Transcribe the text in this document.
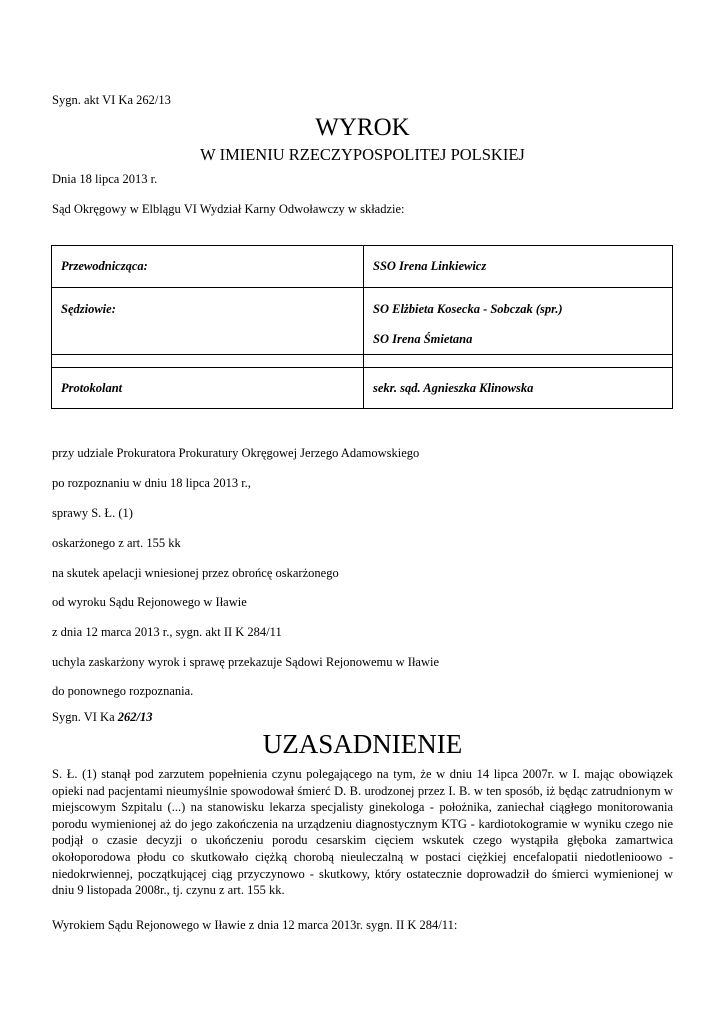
Sygn. akt VI Ka 262/13
WYROK
W IMIENIU RZECZYPOSPOLITEJ POLSKIEJ
Dnia 18 lipca 2013 r.
Sąd Okręgowy w Elblągu VI Wydział Karny Odwoławczy w składzie:
Przewodnicząca:	SSO Irena Linkiewicz

Sędziowie:	SO Elżbieta Kosecka - Sobczak (spr.)
SO Irena Śmietana

Protokolant	sekr. sąd. Agnieszka Klinowska
przy udziale Prokuratora Prokuratury Okręgowej Jerzego Adamowskiego
po rozpoznaniu w dniu 18 lipca 2013 r.,
sprawy S. Ł. (1)
oskarżonego z art. 155 kk
na skutek apelacji wniesionej przez obrońcę oskarżonego
od wyroku Sądu Rejonowego w Iławie
z dnia 12 marca 2013 r., sygn. akt II K 284/11
uchyla zaskarżony wyrok i sprawę przekazuje Sądowi Rejonowemu w Iławie
do ponownego rozpoznania.
Sygn. VI Ka 262/13
UZASADNIENIE
S. Ł. (1) stanął pod zarzutem popełnienia czynu polegającego na tym, że w dniu 14 lipca 2007r. w I. mając obowiązek opieki nad pacjentami nieumyślnie spowodował śmierć D. B. urodzonej przez I. B. w ten sposób, iż będąc zatrudnionym w miejscowym Szpitalu (...) na stanowisku lekarza specjalisty ginekologa - położnika, zaniechał ciągłego monitorowania porodu wymienionej aż do jego zakończenia na urządzeniu diagnostycznym KTG - kardiotokogramie w wyniku czego nie podjął o czasie decyzji o ukończeniu porodu cesarskim cięciem wskutek czego wystąpiła głęboka zamartwica okołoporodowa płodu co skutkowało ciężką chorobą nieuleczalną w postaci ciężkiej encefalopatii niedotlenioowo - niedokrwiennej, początkującej ciąg przyczynowo - skutkowy, który ostatecznie doprowadził do śmierci wymienionej w dniu 9 listopada 2008r., tj. czynu z art. 155 kk.
Wyrokiem Sądu Rejonowego w Iławie z dnia 12 marca 2013r. sygn. II K 284/11:
